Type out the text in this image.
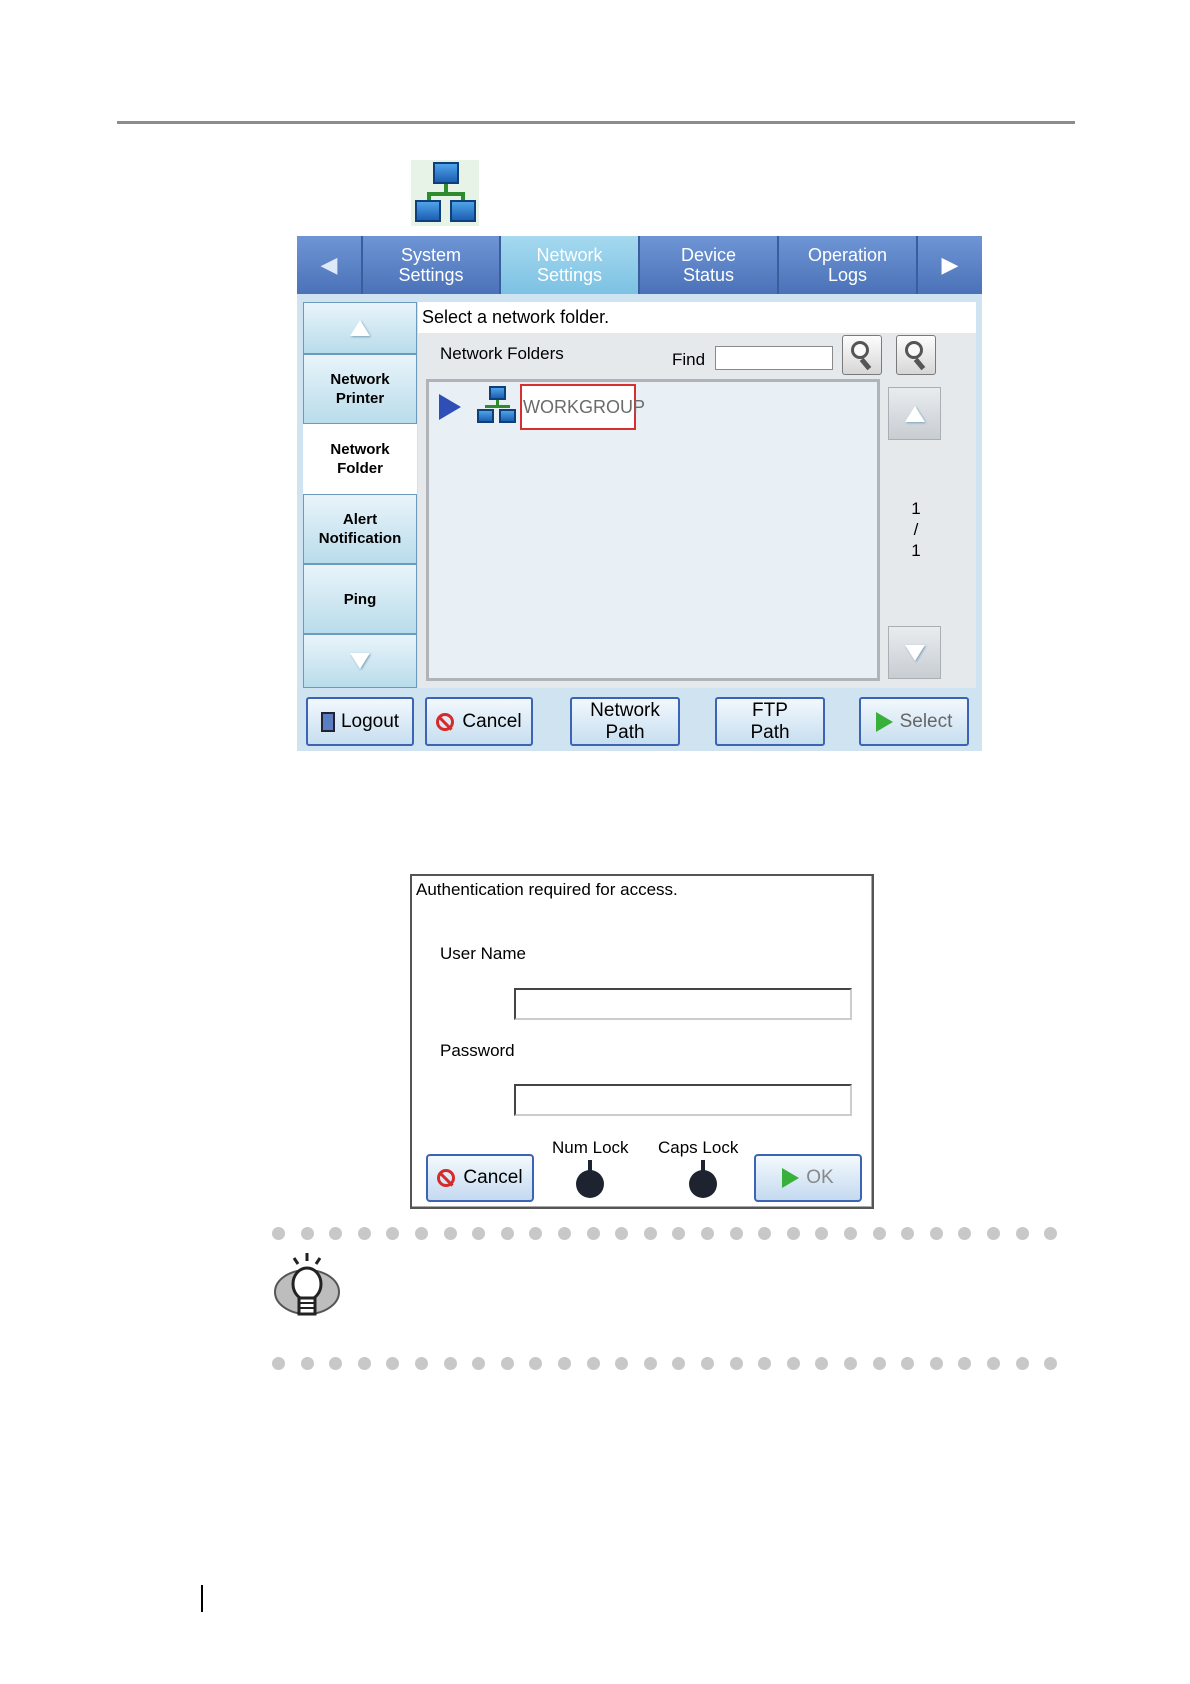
◀	System
Settings
Network
Settings
Device
Status
Operation
Logs	▶
Network
Printer
Network
Folder
Alert
Notification
Ping
Select a network folder.
Network Folders	Find
WORKGROUP
1
/
1
Logout	Cancel
Network
Path
FTP
Path
Select
Authentication required for access.
User Name
Password
Num Lock Caps Lock
Cancel	OK
